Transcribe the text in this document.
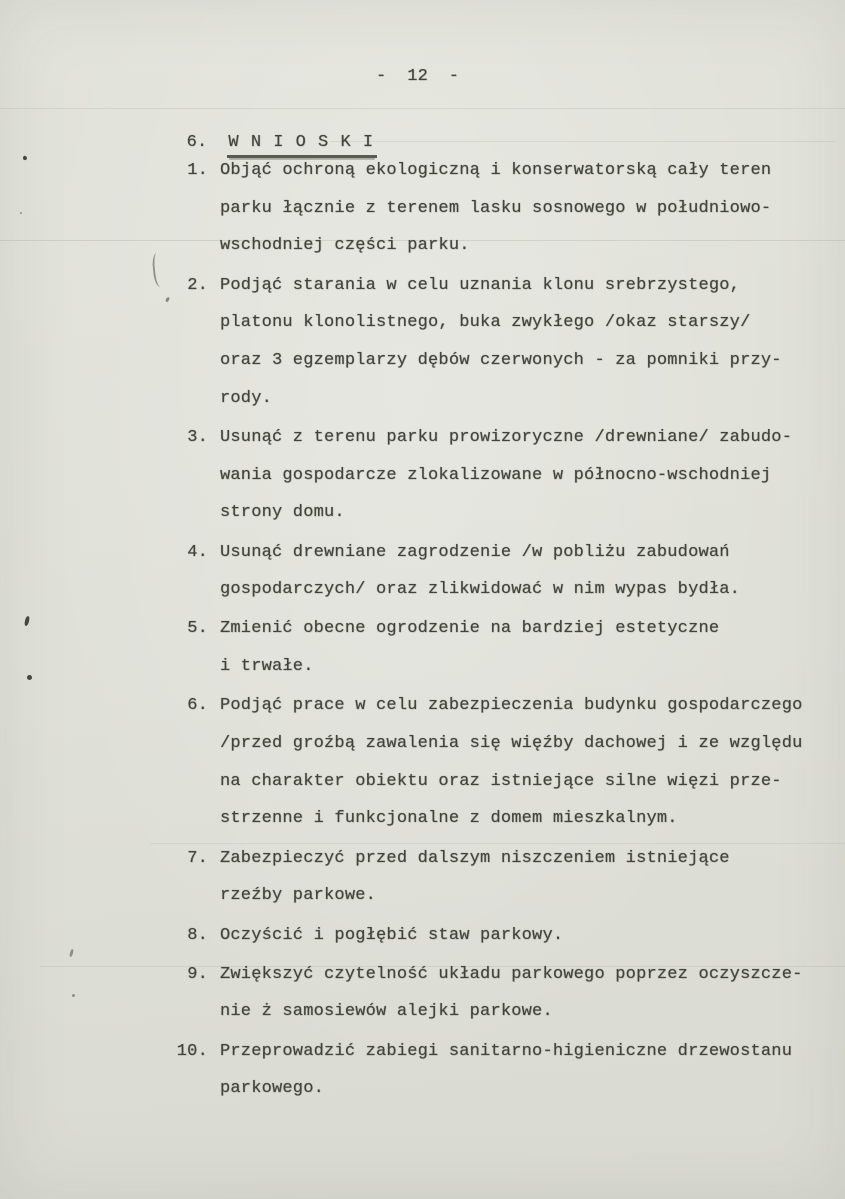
-  12  -

6. W N I O S K I

1. Objąć ochroną ekologiczną i konserwatorską cały teren
parku łącznie z terenem lasku sosnowego w południowo-
wschodniej części parku.
2. Podjąć starania w celu uznania klonu srebrzystego,
platonu klonolistnego, buka zwykłego /okaz starszy/
oraz 3 egzemplarzy dębów czerwonych - za pomniki przy-
rody.
3. Usunąć z terenu parku prowizoryczne /drewniane/ zabudo-
wania gospodarcze zlokalizowane w północno-wschodniej
strony domu.
4. Usunąć drewniane zagrodzenie /w pobliżu zabudowań
gospodarczych/ oraz zlikwidować w nim wypas bydła.
5. Zmienić obecne ogrodzenie na bardziej estetyczne
i trwałe.
6. Podjąć prace w celu zabezpieczenia budynku gospodarczego
/przed groźbą zawalenia się więźby dachowej i ze względu
na charakter obiektu oraz istniejące silne więzi prze-
strzenne i funkcjonalne z domem mieszkalnym.
7. Zabezpieczyć przed dalszym niszczeniem istniejące
rzeźby parkowe.
8. Oczyścić i pogłębić staw parkowy.
9. Zwiększyć czytelność układu parkowego poprzez oczyszcze-
nie ż samosiewów alejki parkowe.
10. Przeprowadzić zabiegi sanitarno-higieniczne drzewostanu
parkowego.
